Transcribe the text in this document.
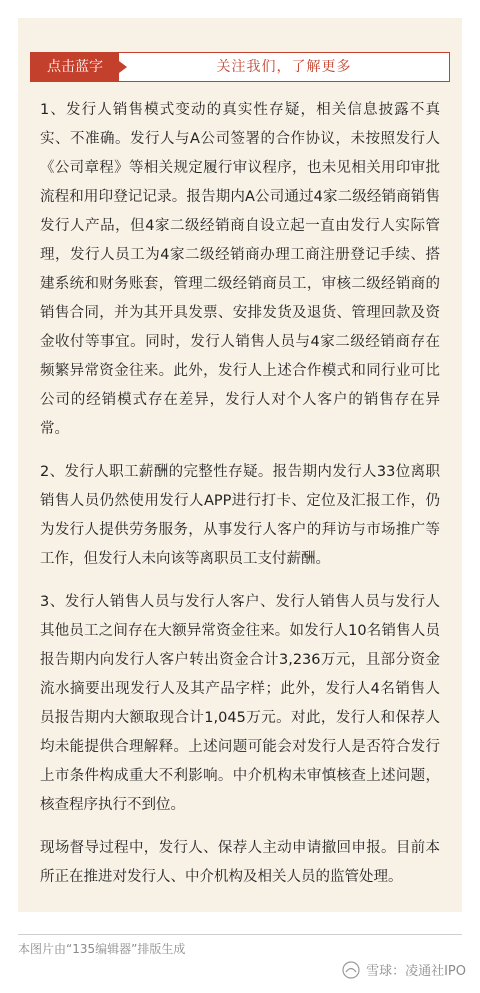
点击蓝字	关注我们，了解更多

1、发行人销售模式变动的真实性存疑，相关信息披露不真实、不准确。发行人与A公司签署的合作协议，未按照发行人《公司章程》等相关规定履行审议程序，也未见相关用印审批流程和用印登记记录。报告期内A公司通过4家二级经销商销售发行人产品，但4家二级经销商自设立起一直由发行人实际管理，发行人员工为4家二级经销商办理工商注册登记手续、搭建系统和财务账套，管理二级经销商员工，审核二级经销商的销售合同，并为其开具发票、安排发货及退货、管理回款及资金收付等事宜。同时，发行人销售人员与4家二级经销商存在频繁异常资金往来。此外，发行人上述合作模式和同行业可比公司的经销模式存在差异，发行人对个人客户的销售存在异常。

2、发行人职工薪酬的完整性存疑。报告期内发行人33位离职销售人员仍然使用发行人APP进行打卡、定位及汇报工作，仍为发行人提供劳务服务，从事发行人客户的拜访与市场推广等工作，但发行人未向该等离职员工支付薪酬。

3、发行人销售人员与发行人客户、发行人销售人员与发行人其他员工之间存在大额异常资金往来。如发行人10名销售人员报告期内向发行人客户转出资金合计3,236万元，且部分资金流水摘要出现发行人及其产品字样；此外，发行人4名销售人员报告期内大额取现合计1,045万元。对此，发行人和保荐人均未能提供合理解释。上述问题可能会对发行人是否符合发行上市条件构成重大不利影响。中介机构未审慎核查上述问题，核查程序执行不到位。

现场督导过程中，发行人、保荐人主动申请撤回申报。目前本所正在推进对发行人、中介机构及相关人员的监管处理。

本图片由“135编辑器”排版生成
雪球：凌通社IPO
